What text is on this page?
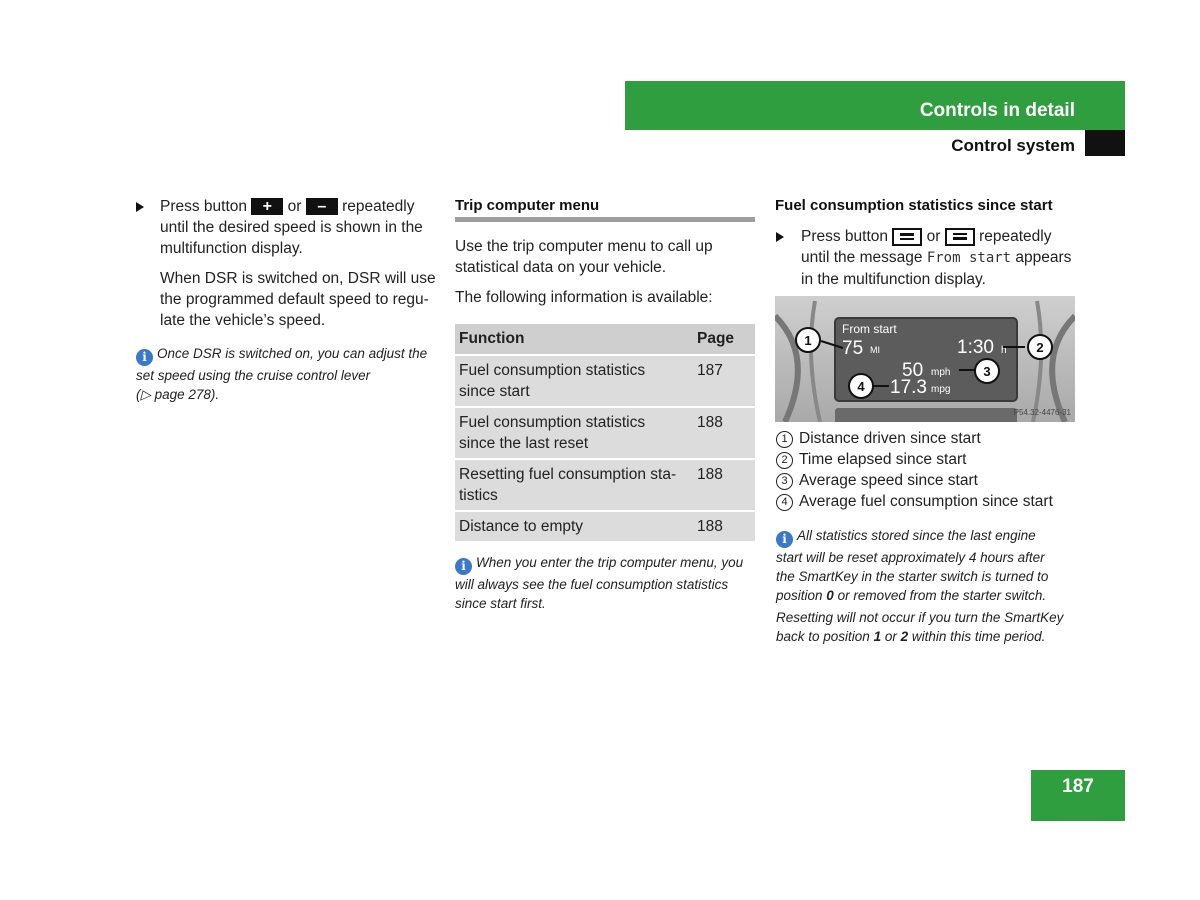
Controls in detail
Control system
Press button + or – repeatedly
until the desired speed is shown in the
multifunction display.
When DSR is switched on, DSR will use
the programmed default speed to regu-
late the vehicle’s speed.
i Once DSR is switched on, you can adjust the
set speed using the cruise control lever
(▷ page 278).
Trip computer menu
Use the trip computer menu to call up
statistical data on your vehicle.
The following information is available:
Function	Page
Fuel consumption statistics
since start	187
Fuel consumption statistics
since the last reset	188
Resetting fuel consumption sta-
tistics	188
Distance to empty	188
i When you enter the trip computer menu, you
will always see the fuel consumption statistics
since start first.
Fuel consumption statistics since start
Press button or repeatedly
until the message From start appears
in the multifunction display.
From start
75 MI	1:30 h
50 mph
17.3 mpg
1	2
3
4
P54.32-4476-31
1 Distance driven since start
2 Time elapsed since start
3 Average speed since start
4 Average fuel consumption since start
i All statistics stored since the last engine
start will be reset approximately 4 hours after
the SmartKey in the starter switch is turned to
position 0 or removed from the starter switch.
Resetting will not occur if you turn the SmartKey
back to position 1 or 2 within this time period.
187
